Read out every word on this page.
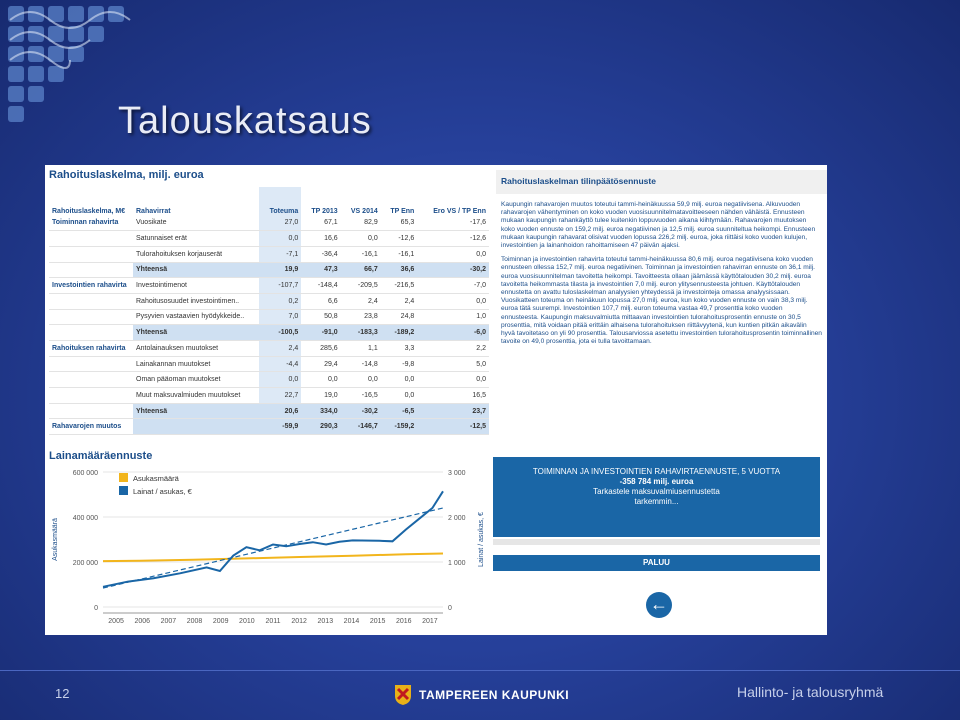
Talouskatsaus
Rahoituslaskelma, milj. euroa
Rahoituslaskelma, M€	Rahavirrat	Toteuma	TP 2013	VS 2014	TP Enn	Ero VS / TP Enn
Toiminnan rahavirta	Vuosikate	27,0	67,1	82,9	65,3	-17,6
	Satunnaiset erät	0,0	16,6	0,0	-12,6	-12,6
	Tulorahoituksen korjauserät	-7,1	-36,4	-16,1	-16,1	0,0
	Yhteensä	19,9	47,3	66,7	36,6	-30,2
Investointien rahavirta	Investointimenot	-107,7	-148,4	-209,5	-216,5	-7,0
	Rahoitusosuudet investointimen..	0,2	6,6	2,4	2,4	0,0
	Pysyvien vastaavien hyödykkeide..	7,0	50,8	23,8	24,8	1,0
	Yhteensä	-100,5	-91,0	-183,3	-189,2	-6,0
Rahoituksen rahavirta	Antolainauksen muutokset	2,4	285,6	1,1	3,3	2,2
	Lainakannan muutokset	-4,4	29,4	-14,8	-9,8	5,0
	Oman pääoman muutokset	0,0	0,0	0,0	0,0	0,0
	Muut maksuvalmiuden muutokset	22,7	19,0	-16,5	0,0	16,5
	Yhteensä	20,6	334,0	-30,2	-6,5	23,7
Rahavarojen muutos		-59,9	290,3	-146,7	-159,2	-12,5
Rahoituslaskelman tilinpäätösennuste

Kaupungin rahavarojen muutos toteutui tammi-heinäkuussa 59,9 milj. euroa negatiivisena. Alkuvuoden rahavarojen vähentyminen on koko vuoden vuosisuunnitelmatavoitteeseen nähden vähäistä. Ennusteen mukaan kaupungin rahankäyttö tulee kuitenkin loppuvuoden aikana kiihtymään. Rahavarojen muutoksen koko vuoden ennuste on 159,2 milj. euroa negatiivinen ja 12,5 milj. euroa suunniteltua heikompi. Ennusteen mukaan kaupungin rahavarat olisivat vuoden lopussa 226,2 milj. euroa, joka riittäisi koko vuoden kulujen, investointien ja lainanhoidon rahoittamiseen 47 päivän ajaksi.

Toiminnan ja investointien rahavirta toteutui tammi-heinäkuussa 80,6 milj. euroa negatiivisena koko vuoden ennusteen ollessa 152,7 milj. euroa negatiivinen. Toiminnan ja investointien rahavirran ennuste on 36,1 milj. euroa vuosisuunnitelman tavoitetta heikompi. Tavoitteesta ollaan jäämässä käyttötalouden 30,2 milj. euroa tavoitetta heikommasta tilasta ja investointien 7,0 milj. euron ylitysennusteesta johtuen. Käyttötalouden ennustetta on avattu tuloslaskelman analyysien yhteydessä ja investointeja omassa analyysissaan. Vuosikatteen toteuma on heinäkuun lopussa 27,0 milj. euroa, kun koko vuoden ennuste on vain 38,3 milj. euroa tätä suurempi. Investointien 107,7 milj. euron toteuma vastaa 49,7 prosenttia koko vuoden ennusteesta. Kaupungin maksuvalmiutta mittaavan investointien tulorahoitusprosentin ennuste on 30,5 prosenttia, mitä voidaan pitää erittäin alhaisena tulorahoituksen riittävyytenä, kun kuntien pitkän aikavälin hyvä tavoitetaso on yli 90 prosenttia. Talousarviossa asetettu investointien tulorahoitusprosentin toiminnallinen tavoite on 49,0 prosenttia, jota ei tulla tavoittamaan.

Lainamääräennuste
600 000
400 000
200 000
0
3 000
2 000
1 000
0
2005 2006 2007 2008 2009 2010 2011 2012 2013 2014 2015 2016 2017
Asukasmäärä	Lainat / asukas, €
Asukasmäärä
Lainat / asukas, €
TOIMINNAN JA INVESTOINTIEN RAHAVIRTAENNUSTE, 5 VUOTTA
-358 784 milj. euroa
Tarkastele maksuvalmiusennustetta
tarkemmin...
PALUU
←
12	TAMPEREEN KAUPUNKI	Hallinto- ja talousryhmä
